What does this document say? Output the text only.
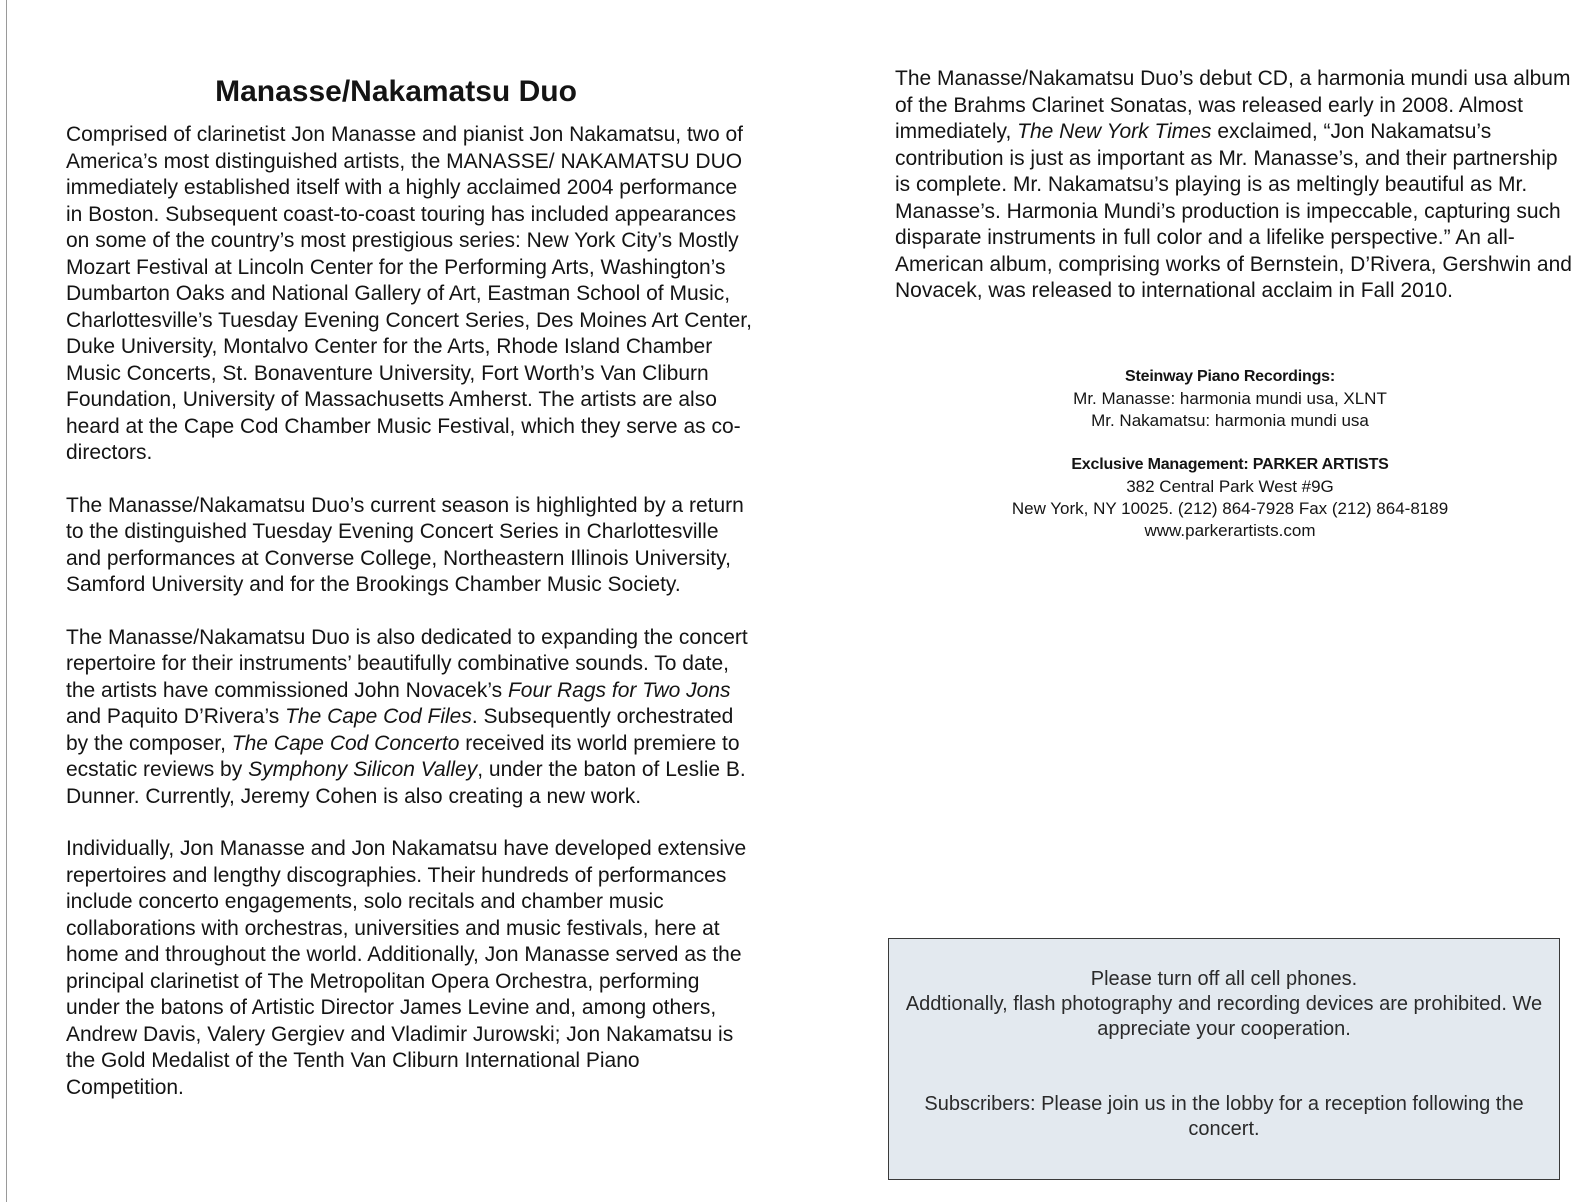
Manasse/Nakamatsu Duo

Comprised of clarinetist Jon Manasse and pianist Jon Nakamatsu, two of America’s most distinguished artists, the MANASSE/ NAKAMATSU DUO immediately established itself with a highly acclaimed 2004 performance in Boston. Subsequent coast-to-coast touring has included appearances on some of the country’s most prestigious series: New York City’s Mostly Mozart Festival at Lincoln Center for the Performing Arts, Washington’s Dumbarton Oaks and National Gallery of Art, Eastman School of Music, Charlottesville’s Tuesday Evening Concert Series, Des Moines Art Center, Duke University, Montalvo Center for the Arts, Rhode Island Chamber Music Concerts, St. Bonaventure University, Fort Worth’s Van Cliburn Foundation, University of Massachusetts Amherst. The artists are also heard at the Cape Cod Chamber Music Festival, which they serve as co-directors.

The Manasse/Nakamatsu Duo’s current season is highlighted by a return to the distinguished Tuesday Evening Concert Series in Charlottesville and performances at Converse College, Northeastern Illinois University, Samford University and for the Brookings Chamber Music Society.

The Manasse/Nakamatsu Duo is also dedicated to expanding the concert repertoire for their instruments’ beautifully combinative sounds. To date, the artists have commissioned John Novacek’s Four Rags for Two Jons and Paquito D’Rivera’s The Cape Cod Files. Subsequently orchestrated by the composer, The Cape Cod Concerto received its world premiere to ecstatic reviews by Symphony Silicon Valley, under the baton of Leslie B. Dunner. Currently, Jeremy Cohen is also creating a new work.

Individually, Jon Manasse and Jon Nakamatsu have developed extensive repertoires and lengthy discographies. Their hundreds of performances include concerto engagements, solo recitals and chamber music collaborations with orchestras, universities and music festivals, here at home and throughout the world. Additionally, Jon Manasse served as the principal clarinetist of The Metropolitan Opera Orchestra, performing under the batons of Artistic Director James Levine and, among others, Andrew Davis, Valery Gergiev and Vladimir Jurowski; Jon Nakamatsu is the Gold Medalist of the Tenth Van Cliburn International Piano Competition.

The Manasse/Nakamatsu Duo’s debut CD, a harmonia mundi usa album of the Brahms Clarinet Sonatas, was released early in 2008. Almost immediately, The New York Times exclaimed, “Jon Nakamatsu’s contribution is just as important as Mr. Manasse’s, and their partnership is complete. Mr. Nakamatsu’s playing is as meltingly beautiful as Mr. Manasse’s. Harmonia Mundi’s production is impeccable, capturing such disparate instruments in full color and a lifelike perspective.” An all-American album, comprising works of Bernstein, D’Rivera, Gershwin and Novacek, was released to international acclaim in Fall 2010.

Steinway Piano Recordings:
Mr. Manasse: harmonia mundi usa, XLNT
Mr. Nakamatsu: harmonia mundi usa
Exclusive Management: PARKER ARTISTS
382 Central Park West #9G
New York, NY 10025. (212) 864-7928 Fax (212) 864-8189
www.parkerartists.com

Please turn off all cell phones.
Addtionally, flash photography and recording devices are prohibited. We appreciate your cooperation.

Subscribers: Please join us in the lobby for a reception following the concert.
